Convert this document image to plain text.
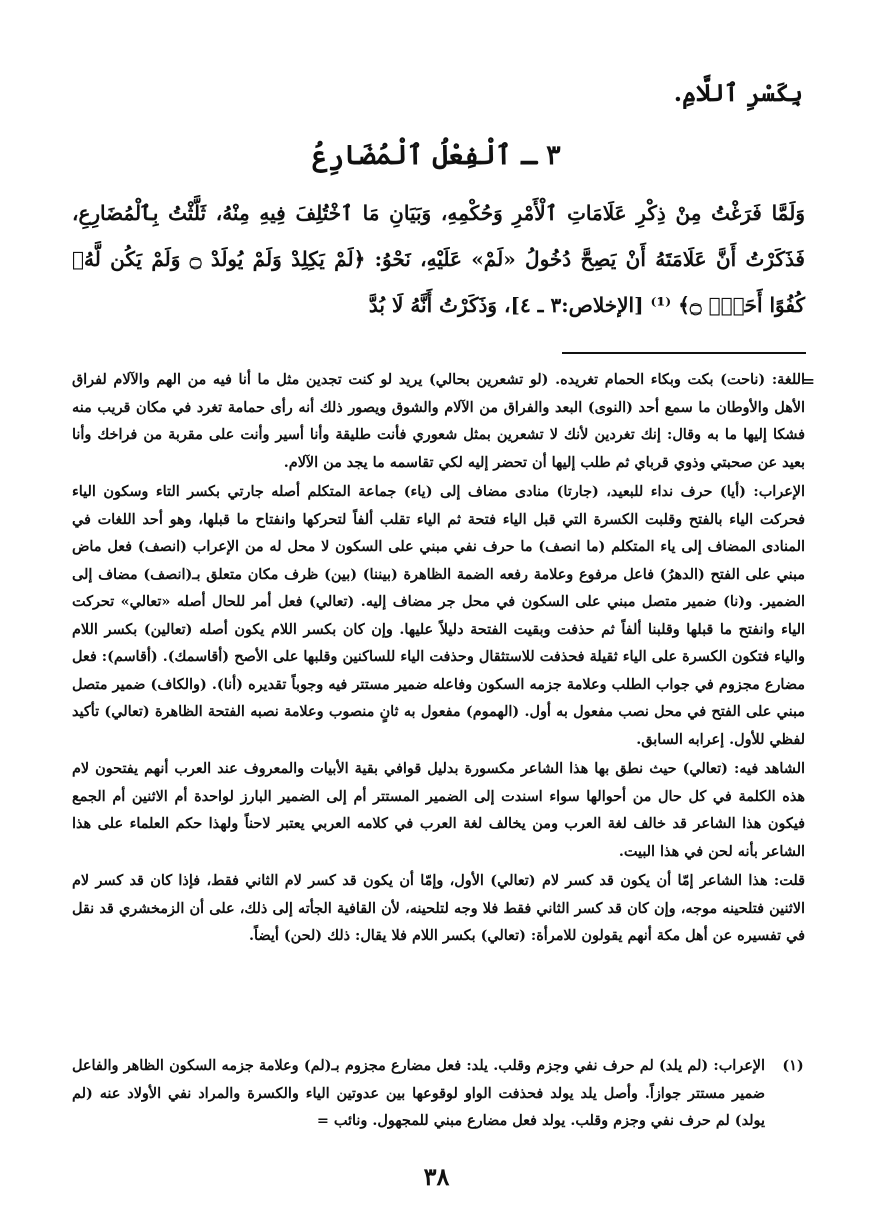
بِكَسْرِ ٱللَّامِ.

٣ ـ ٱلْفِعْلُ ٱلْمُضَارِعُ

وَلَمَّا فَرَغْتُ مِنْ ذِكْرِ عَلَامَاتِ ٱلْأَمْرِ وَحُكْمِهِ، وَبَيَانِ مَا ٱخْتُلِفَ فِيهِ مِنْهُ، ثَلَّثْتُ بِٱلْمُضَارِعِ، فَذَكَرْتُ أَنَّ عَلَامَتَهُ أَنْ يَصِحَّ دُخُولُ «لَمْ» عَلَيْهِ، نَحْوُ: ﴿لَمْ يَكِلِدْ وَلَمْ يُولَدْ ۝ وَلَمْ يَكُن لَّهُۥ كُفُوًا أَحَدٌۢ ۝﴾ ⁽¹⁾ [الإخلاص:٣ ـ ٤]، وَذَكَرْتُ أَنَّهُ لَا بُدَّ

=

اللغة: (ناحت) بكت وبكاء الحمام تغريده. (لو تشعرين بحالي) يريد لو كنت تجدين مثل ما أنا فيه من الهم والآلام لفراق الأهل والأوطان ما سمع أحد (النوى) البعد والفراق من الآلام والشوق ويصور ذلك أنه رأى حمامة تغرد في مكان قريب منه فشكا إليها ما به وقال: إنك تغردين لأنك لا تشعرين بمثل شعوري فأنت طليقة وأنا أسير وأنت على مقربة من فراخك وأنا بعيد عن صحبتي وذوي قرباي ثم طلب إليها أن تحضر إليه لكي تقاسمه ما يجد من الآلام.

الإعراب: (أيا) حرف نداء للبعيد، (جارتا) منادى مضاف إلى (ياء) جماعة المتكلم أصله جارتي بكسر التاء وسكون الياء فحركت الياء بالفتح وقلبت الكسرة التي قبل الياء فتحة ثم الياء تقلب ألفاً لتحركها وانفتاح ما قبلها، وهو أحد اللغات في المنادى المضاف إلى ياء المتكلم (ما انصف) ما حرف نفي مبني على السكون لا محل له من الإعراب (انصف) فعل ماض مبني على الفتح (الدهرُ) فاعل مرفوع وعلامة رفعه الضمة الظاهرة (بيننا) (بين) ظرف مكان متعلق بـ(انصف) مضاف إلى الضمير. و(نا) ضمير متصل مبني على السكون في محل جر مضاف إليه. (تعالي) فعل أمر للحال أصله «تعالي» تحركت الياء وانفتح ما قبلها وقلبنا ألفاً ثم حذفت وبقيت الفتحة دليلاً عليها. وإن كان بكسر اللام يكون أصله (تعالين) بكسر اللام والياء فتكون الكسرة على الياء ثقيلة فحذفت للاستثقال وحذفت الياء للساكنين وقلبها على الأصح (أقاسمك). (أقاسم): فعل مضارع مجزوم في جواب الطلب وعلامة جزمه السكون وفاعله ضمير مستتر فيه وجوباً تقديره (أنا). (والكاف) ضمير متصل مبني على الفتح في محل نصب مفعول به أول. (الهموم) مفعول به ثانٍ منصوب وعلامة نصبه الفتحة الظاهرة (تعالي) تأكيد لفظي للأول. إعرابه السابق.

الشاهد فيه: (تعالي) حيث نطق بها هذا الشاعر مكسورة بدليل قوافي بقية الأبيات والمعروف عند العرب أنهم يفتحون لام هذه الكلمة في كل حال من أحوالها سواء اسندت إلى الضمير المستتر أم إلى الضمير البارز لواحدة أم الاثنين أم الجمع فيكون هذا الشاعر قد خالف لغة العرب ومن يخالف لغة العرب في كلامه العربي يعتبر لاحناً ولهذا حكم العلماء على هذا الشاعر بأنه لحن في هذا البيت.

قلت: هذا الشاعر إمّا أن يكون قد كسر لام (تعالي) الأول، وإمّا أن يكون قد كسر لام الثاني فقط، فإذا كان قد كسر لام الاثنين فتلحينه موجه، وإن كان قد كسر الثاني فقط فلا وجه لتلحينه، لأن القافية الجأته إلى ذلك، على أن الزمخشري قد نقل في تفسيره عن أهل مكة أنهم يقولون للامرأة: (تعالي) بكسر اللام فلا يقال: ذلك (لحن) أيضاً.

(١)
الإعراب: (لم يلد) لم حرف نفي وجزم وقلب. يلد: فعل مضارع مجزوم بـ(لم) وعلامة جزمه السكون الظاهر والفاعل ضمير مستتر جوازاً. وأصل يلد يولد فحذفت الواو لوقوعها بين عدوتين الياء والكسرة والمراد نفي الأولاد عنه (لم يولد) لم حرف نفي وجزم وقلب. يولد فعل مضارع مبني للمجهول. ونائب =
٣٨
